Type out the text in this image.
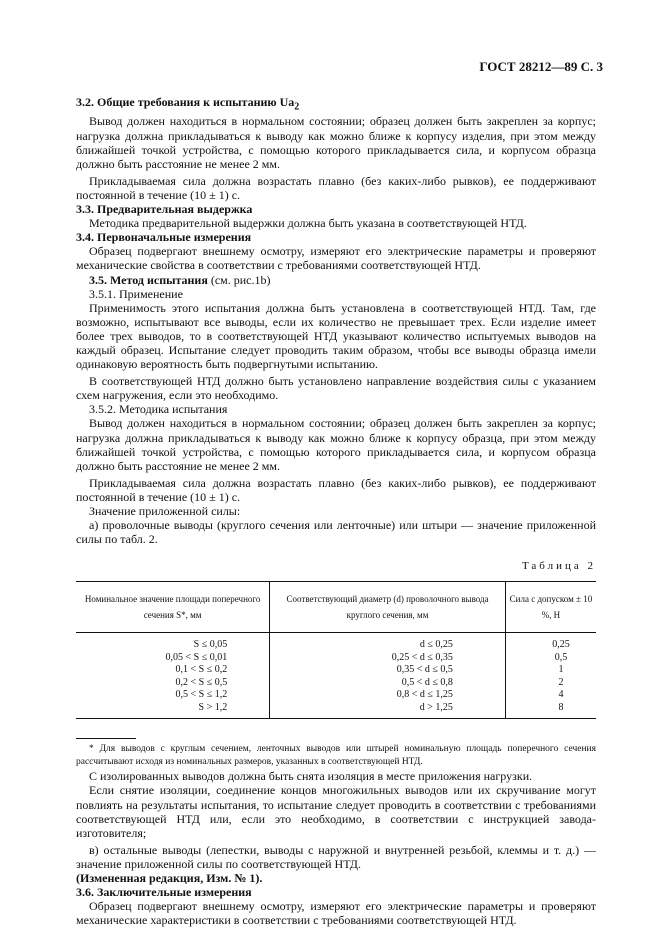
ГОСТ 28212—89 С. 3

3.2. Общие требования к испытанию $Ua_2$

Вывод должен находиться в нормальном состоянии; образец должен быть закреплен за корпус; нагрузка должна прикладываться к выводу как можно ближе к корпусу изделия, при этом между ближайшей точкой устройства, с помощью которого прикладывается сила, и корпусом образца должно быть расстояние не менее 2 мм.

Прикладываемая сила должна возрастать плавно (без каких-либо рывков), ее поддерживают постоянной в течение (10 ± 1) с.

3.3. Предварительная выдержка

Методика предварительной выдержки должна быть указана в соответствующей НТД.

3.4. Первоначальные измерения

Образец подвергают внешнему осмотру, измеряют его электрические параметры и проверяют механические свойства в соответствии с требованиями соответствующей НТД.

3.5. Метод испытания (см. рис.1b)

3.5.1. Применение

Применимость этого испытания должна быть установлена в соответствующей НТД. Там, где возможно, испытывают все выводы, если их количество не превышает трех. Если изделие имеет более трех выводов, то в соответствующей НТД указывают количество испытуемых выводов на каждый образец. Испытание следует проводить таким образом, чтобы все выводы образца имели одинаковую вероятность быть подвергнутыми испытанию.

В соответствующей НТД должно быть установлено направление воздействия силы с указанием схем нагружения, если это необходимо.

3.5.2. Методика испытания

Вывод должен находиться в нормальном состоянии; образец должен быть закреплен за корпус; нагрузка должна прикладываться к выводу как можно ближе к корпусу образца, при этом между ближайшей точкой устройства, с помощью которого прикладывается сила, и корпусом образца должно быть расстояние не менее 2 мм.

Прикладываемая сила должна возрастать плавно (без каких-либо рывков), ее поддерживают постоянной в течение (10 ± 1) с.

Значение приложенной силы:

а) проволочные выводы (круглого сечения или ленточные) или штыри — значение приложенной силы по табл. 2.

Таблица 2
Номинальное значение площади поперечного сечения S*, мм	Соответствующий диаметр (d) проволочного вывода круглого сечения, мм	Сила с допуском ± 10 %, Н
S ≤ 0,05	d ≤ 0,25	0,25
0,05 < S ≤ 0,01	0,25 < d ≤ 0,35	0,5
0,1 < S ≤ 0,2	0,35 < d ≤ 0,5	1
0,2 < S ≤ 0,5	0,5 < d ≤ 0,8	2
0,5 < S ≤ 1,2	0,8 < d ≤ 1,25	4
S > 1,2	d > 1,25	8

* Для выводов с круглым сечением, ленточных выводов или штырей номинальную площадь поперечного сечения рассчитывают исходя из номинальных размеров, указанных в соответствующей НТД.

С изолированных выводов должна быть снята изоляция в месте приложения нагрузки.

Если снятие изоляции, соединение концов многожильных выводов или их скручивание могут повлиять на результаты испытания, то испытание следует проводить в соответствии с требованиями соответствующей НТД или, если это необходимо, в соответствии с инструкцией завода-изготовителя;

в) остальные выводы (лепестки, выводы с наружной и внутренней резьбой, клеммы и т. д.) — значение приложенной силы по соответствующей НТД.

(Измененная редакция, Изм. № 1).

3.6. Заключительные измерения

Образец подвергают внешнему осмотру, измеряют его электрические параметры и проверяют механические характеристики в соответствии с требованиями соответствующей НТД.
